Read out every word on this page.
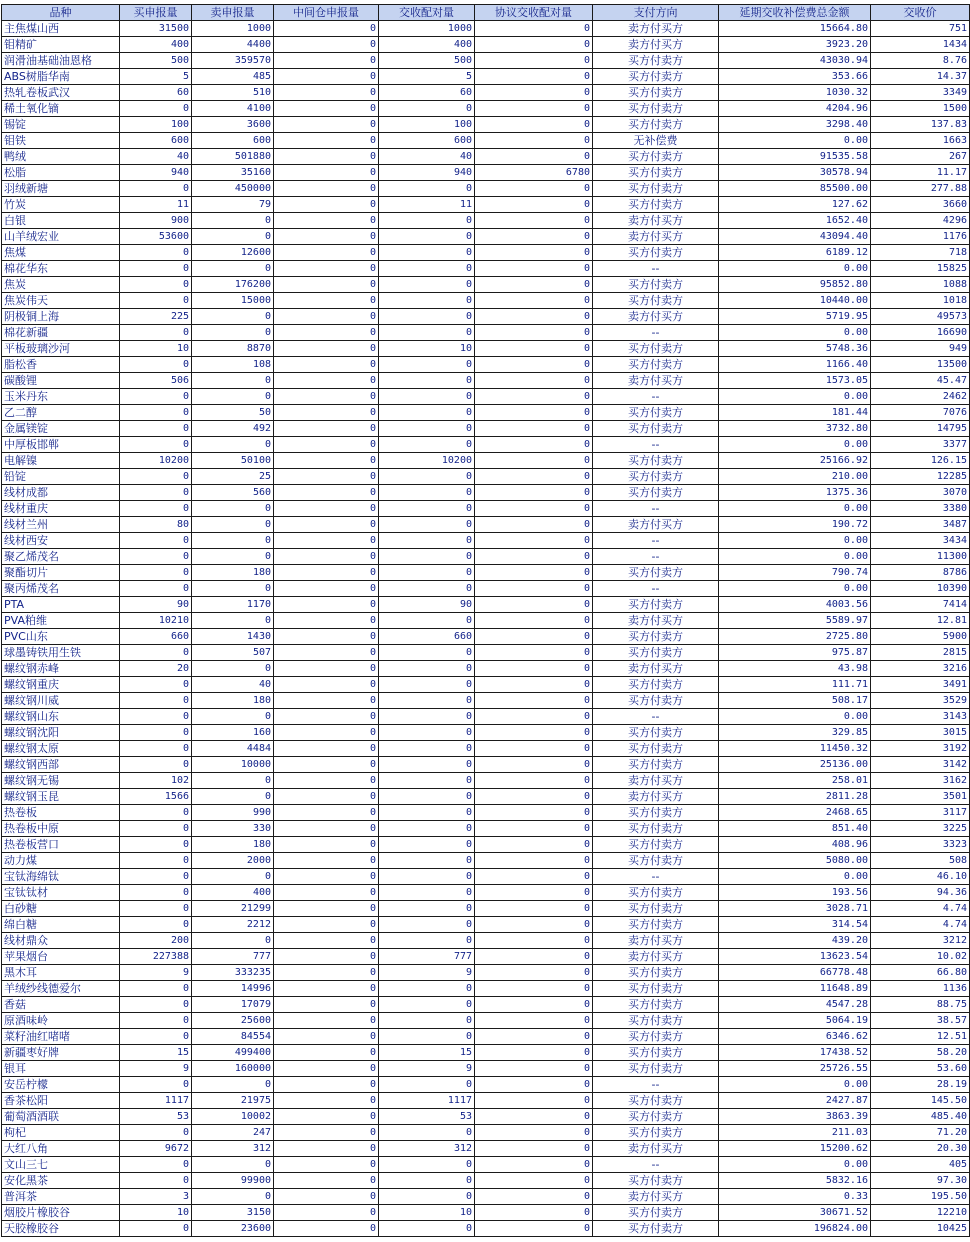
品种	买申报量	卖申报量	中间仓申报量	交收配对量	协议交收配对量	支付方向	延期交收补偿费总金额	交收价
主焦煤山西	31500	1000	0	1000	0	卖方付买方	15664.80	751
钼精矿	400	4400	0	400	0	卖方付买方	3923.20	1434
润滑油基础油恩格	500	359570	0	500	0	买方付卖方	43030.94	8.76
ABS树脂华南	5	485	0	5	0	买方付卖方	353.66	14.37
热轧卷板武汉	60	510	0	60	0	买方付卖方	1030.32	3349
稀土氧化镝	0	4100	0	0	0	买方付卖方	4204.96	1500
锡锭	100	3600	0	100	0	买方付卖方	3298.40	137.83
钼铁	600	600	0	600	0	无补偿费	0.00	1663
鸭绒	40	501880	0	40	0	买方付卖方	91535.58	267
松脂	940	35160	0	940	6780	买方付卖方	30578.94	11.17
羽绒新塘	0	450000	0	0	0	买方付卖方	85500.00	277.88
竹炭	11	79	0	11	0	买方付卖方	127.62	3660
白银	900	0	0	0	0	卖方付买方	1652.40	4296
山羊绒宏业	53600	0	0	0	0	卖方付买方	43094.40	1176
焦煤	0	12600	0	0	0	买方付卖方	6189.12	718
棉花华东	0	0	0	0	0	--	0.00	15825
焦炭	0	176200	0	0	0	买方付卖方	95852.80	1088
焦炭伟天	0	15000	0	0	0	买方付卖方	10440.00	1018
阴极铜上海	225	0	0	0	0	卖方付买方	5719.95	49573
棉花新疆	0	0	0	0	0	--	0.00	16690
平板玻璃沙河	10	8870	0	10	0	买方付卖方	5748.36	949
脂松香	0	108	0	0	0	买方付卖方	1166.40	13500
碳酸锂	506	0	0	0	0	卖方付买方	1573.05	45.47
玉米丹东	0	0	0	0	0	--	0.00	2462
乙二醇	0	50	0	0	0	买方付卖方	181.44	7076
金属镁锭	0	492	0	0	0	买方付卖方	3732.80	14795
中厚板邯郸	0	0	0	0	0	--	0.00	3377
电解镍	10200	50100	0	10200	0	买方付卖方	25166.92	126.15
铅锭	0	25	0	0	0	买方付卖方	210.00	12285
线材成都	0	560	0	0	0	买方付卖方	1375.36	3070
线材重庆	0	0	0	0	0	--	0.00	3380
线材兰州	80	0	0	0	0	卖方付买方	190.72	3487
线材西安	0	0	0	0	0	--	0.00	3434
聚乙烯茂名	0	0	0	0	0	--	0.00	11300
聚酯切片	0	180	0	0	0	买方付卖方	790.74	8786
聚丙烯茂名	0	0	0	0	0	--	0.00	10390
PTA	90	1170	0	90	0	买方付卖方	4003.56	7414
PVA粕维	10210	0	0	0	0	卖方付买方	5589.97	12.81
PVC山东	660	1430	0	660	0	买方付卖方	2725.80	5900
球墨铸铁用生铁	0	507	0	0	0	买方付卖方	975.87	2815
螺纹钢赤峰	20	0	0	0	0	卖方付买方	43.98	3216
螺纹钢重庆	0	40	0	0	0	买方付卖方	111.71	3491
螺纹钢川威	0	180	0	0	0	买方付卖方	508.17	3529
螺纹钢山东	0	0	0	0	0	--	0.00	3143
螺纹钢沈阳	0	160	0	0	0	买方付卖方	329.85	3015
螺纹钢太原	0	4484	0	0	0	买方付卖方	11450.32	3192
螺纹钢西部	0	10000	0	0	0	买方付卖方	25136.00	3142
螺纹钢无锡	102	0	0	0	0	卖方付买方	258.01	3162
螺纹钢玉昆	1566	0	0	0	0	卖方付买方	2811.28	3501
热卷板	0	990	0	0	0	买方付卖方	2468.65	3117
热卷板中原	0	330	0	0	0	买方付卖方	851.40	3225
热卷板营口	0	180	0	0	0	买方付卖方	408.96	3323
动力煤	0	2000	0	0	0	买方付卖方	5080.00	508
宝钛海绵钛	0	0	0	0	0	--	0.00	46.10
宝钛钛材	0	400	0	0	0	买方付卖方	193.56	94.36
白砂糖	0	21299	0	0	0	买方付卖方	3028.71	4.74
绵白糖	0	2212	0	0	0	买方付卖方	314.54	4.74
线材鼎众	200	0	0	0	0	卖方付买方	439.20	3212
苹果烟台	227388	777	0	777	0	卖方付买方	13623.54	10.02
黑木耳	9	333235	0	9	0	买方付卖方	66778.48	66.80
羊绒纱线德爱尔	0	14996	0	0	0	买方付卖方	11648.89	1136
香菇	0	17079	0	0	0	买方付卖方	4547.28	88.75
原酒味岭	0	25600	0	0	0	买方付卖方	5064.19	38.57
菜籽油红啫啫	0	84554	0	0	0	买方付卖方	6346.62	12.51
新疆枣好牌	15	499400	0	15	0	买方付卖方	17438.52	58.20
银耳	9	160000	0	9	0	买方付卖方	25726.55	53.60
安岳柠檬	0	0	0	0	0	--	0.00	28.19
香茶松阳	1117	21975	0	1117	0	买方付卖方	2427.87	145.50
葡萄酒酒联	53	10002	0	53	0	买方付卖方	3863.39	485.40
枸杞	0	247	0	0	0	买方付卖方	211.03	71.20
大红八角	9672	312	0	312	0	卖方付买方	15200.62	20.30
文山三七	0	0	0	0	0	--	0.00	405
安化黑茶	0	99900	0	0	0	买方付卖方	5832.16	97.30
普洱茶	3	0	0	0	0	卖方付买方	0.33	195.50
烟胶片橡胶谷	10	3150	0	10	0	买方付卖方	30671.52	12210
天胶橡胶谷	0	23600	0	0	0	买方付卖方	196824.00	10425
